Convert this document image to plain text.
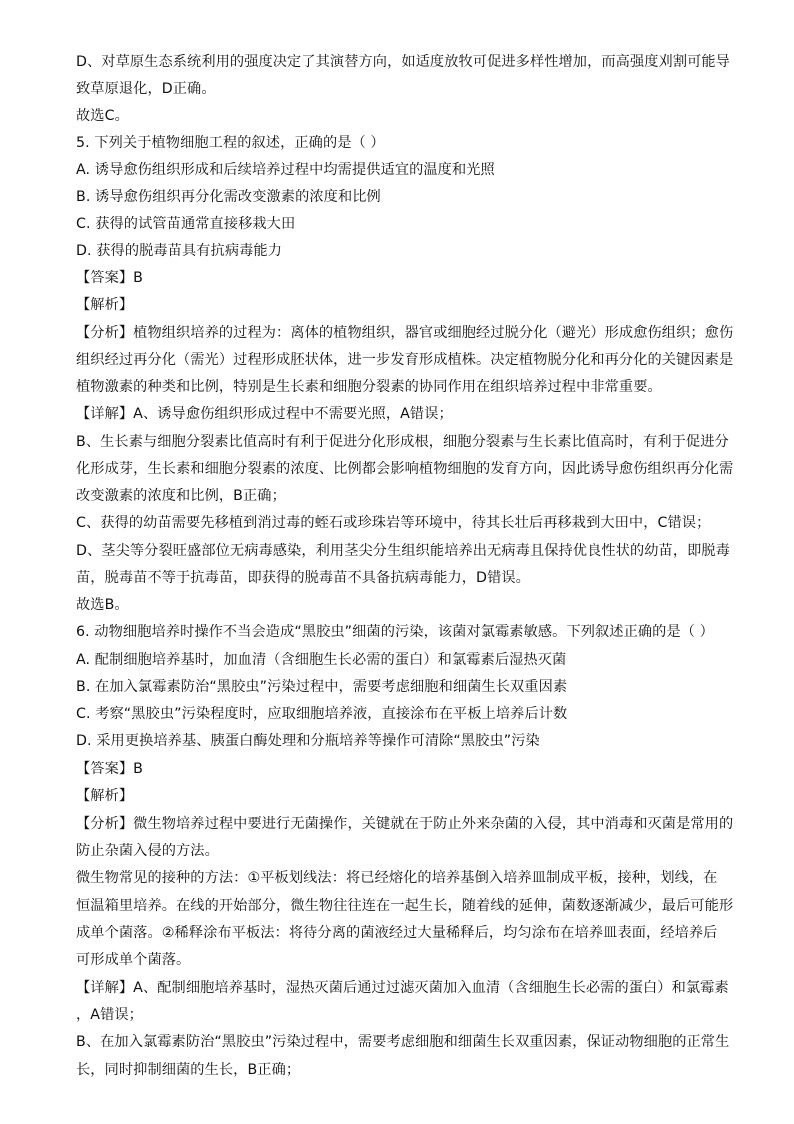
D、对草原生态系统利用的强度决定了其演替方向，如适度放牧可促进多样性增加，而高强度刈割可能导
致草原退化，D正确。
故选C。
5. 下列关于植物细胞工程的叙述，正确的是（ ）
A. 诱导愈伤组织形成和后续培养过程中均需提供适宜的温度和光照
B. 诱导愈伤组织再分化需改变激素的浓度和比例
C. 获得的试管苗通常直接移栽大田
D. 获得的脱毒苗具有抗病毒能力
【答案】B
【解析】
【分析】植物组织培养的过程为：离体的植物组织，器官或细胞经过脱分化（避光）形成愈伤组织；愈伤
组织经过再分化（需光）过程形成胚状体，进一步发育形成植株。决定植物脱分化和再分化的关键因素是
植物激素的种类和比例，特别是生长素和细胞分裂素的协同作用在组织培养过程中非常重要。
【详解】A、诱导愈伤组织形成过程中不需要光照，A错误；
B、生长素与细胞分裂素比值高时有利于促进分化形成根，细胞分裂素与生长素比值高时，有利于促进分
化形成芽，生长素和细胞分裂素的浓度、比例都会影响植物细胞的发育方向，因此诱导愈伤组织再分化需
改变激素的浓度和比例，B正确；
C、获得的幼苗需要先移植到消过毒的蛭石或珍珠岩等环境中，待其长壮后再移栽到大田中，C错误；
D、茎尖等分裂旺盛部位无病毒感染，利用茎尖分生组织能培养出无病毒且保持优良性状的幼苗，即脱毒
苗，脱毒苗不等于抗毒苗，即获得的脱毒苗不具备抗病毒能力，D错误。
故选B。
6. 动物细胞培养时操作不当会造成“黑胶虫”细菌的污染，该菌对氯霉素敏感。下列叙述正确的是（ ）
A. 配制细胞培养基时，加血清（含细胞生长必需的蛋白）和氯霉素后湿热灭菌
B. 在加入氯霉素防治“黑胶虫”污染过程中，需要考虑细胞和细菌生长双重因素
C. 考察“黑胶虫”污染程度时，应取细胞培养液，直接涂布在平板上培养后计数
D. 采用更换培养基、胰蛋白酶处理和分瓶培养等操作可清除“黑胶虫”污染
【答案】B
【解析】
【分析】微生物培养过程中要进行无菌操作，关键就在于防止外来杂菌的入侵，其中消毒和灭菌是常用的
防止杂菌入侵的方法。
微生物常见的接种的方法：①平板划线法：将已经熔化的培养基倒入培养皿制成平板，接种，划线，在
恒温箱里培养。在线的开始部分，微生物往往连在一起生长，随着线的延伸，菌数逐渐减少，最后可能形
成单个菌落。②稀释涂布平板法：将待分离的菌液经过大量稀释后，均匀涂布在培养皿表面，经培养后
可形成单个菌落。
【详解】A、配制细胞培养基时，湿热灭菌后通过过滤灭菌加入血清（含细胞生长必需的蛋白）和氯霉素
，A错误；
B、在加入氯霉素防治“黑胶虫”污染过程中，需要考虑细胞和细菌生长双重因素，保证动物细胞的正常生
长，同时抑制细菌的生长，B正确；
